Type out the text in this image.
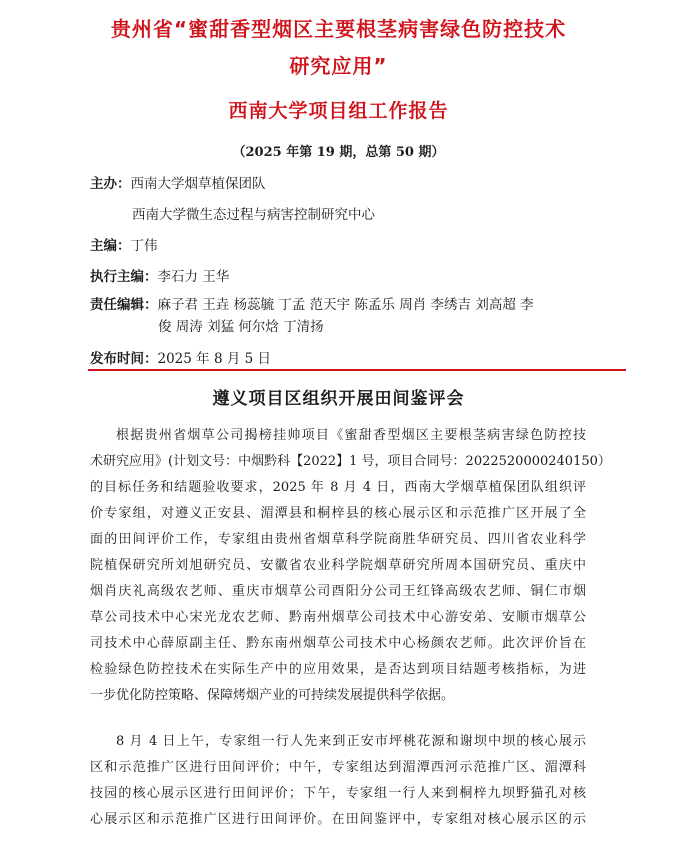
贵州省“蜜甜香型烟区主要根茎病害绿色防控技术
研究应用”
西南大学项目组工作报告
（2025 年第 19 期，总第 50 期）
主办：西南大学烟草植保团队
西南大学微生态过程与病害控制研究中心
主编：丁伟
执行主编：李石力 王华
责任编辑：麻子君 王垚 杨蕊毓 丁孟 范天宇 陈孟乐 周肖 李绣吉 刘高超 李
俊 周涛 刘猛 何尔焓 丁清扬
发布时间：2025 年 8 月 5 日
遵义项目区组织开展田间鉴评会
根据贵州省烟草公司揭榜挂帅项目《蜜甜香型烟区主要根茎病害绿色防控技
术研究应用》(计划文号：中烟黔科【2022】1 号，项目合同号：2022520000240150）
的目标任务和结题验收要求，2025 年 8 月 4 日，西南大学烟草植保团队组织评
价专家组，对遵义正安县、湄潭县和桐梓县的核心展示区和示范推广区开展了全
面的田间评价工作，专家组由贵州省烟草科学院商胜华研究员、四川省农业科学
院植保研究所刘旭研究员、安徽省农业科学院烟草研究所周本国研究员、重庆中
烟肖庆礼高级农艺师、重庆市烟草公司酉阳分公司王红锋高级农艺师、铜仁市烟
草公司技术中心宋光龙农艺师、黔南州烟草公司技术中心游安弟、安顺市烟草公
司技术中心薛原副主任、黔东南州烟草公司技术中心杨颜农艺师。此次评价旨在
检验绿色防控技术在实际生产中的应用效果，是否达到项目结题考核指标，为进
一步优化防控策略、保障烤烟产业的可持续发展提供科学依据。
8 月 4 日上午，专家组一行人先来到正安市坪桃花源和谢坝中坝的核心展示
区和示范推广区进行田间评价；中午，专家组达到湄潭西河示范推广区、湄潭科
技园的核心展示区进行田间评价；下午，专家组一行人来到桐梓九坝野猫孔对核
心展示区和示范推广区进行田间评价。在田间鉴评中，专家组对核心展示区的示
